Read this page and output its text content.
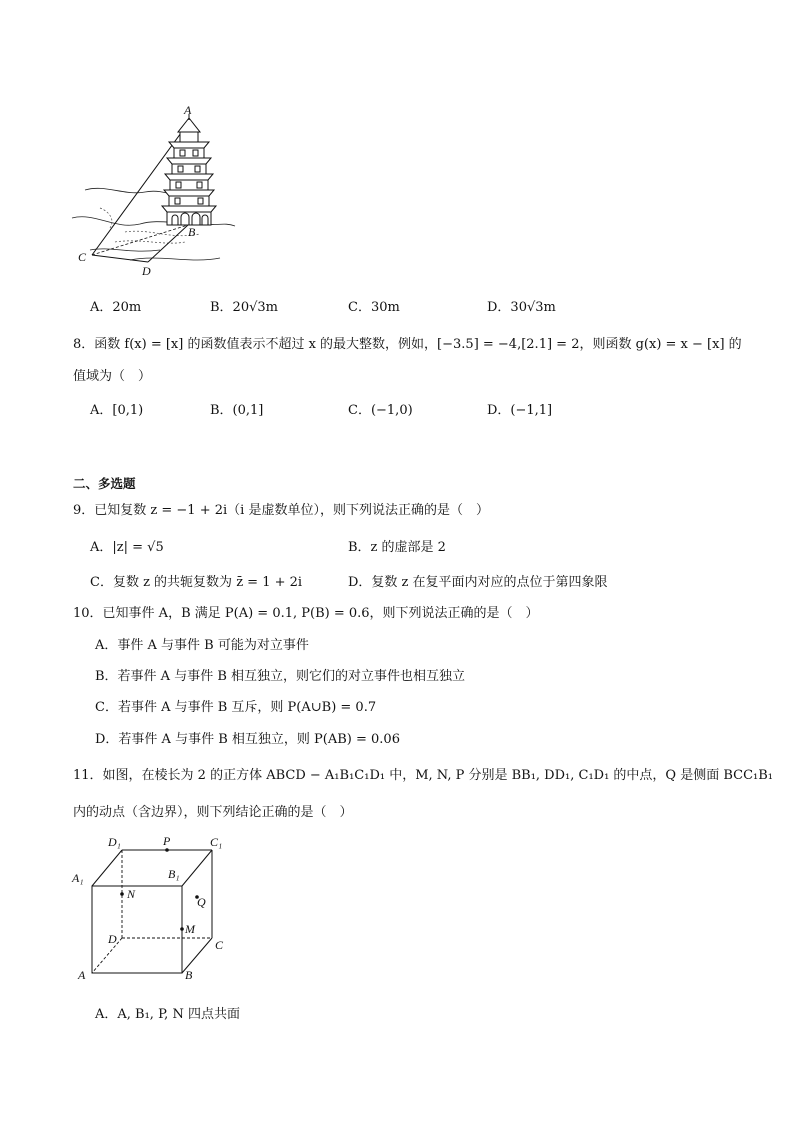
A
B
C
D
A．20m	B．20√3m	C．30m	D．30√3m
8．函数 f(x) = [x] 的函数值表示不超过 x 的最大整数，例如，[−3.5] = −4,[2.1] = 2，则函数 g(x) = x − [x] 的
值域为（　）
A．[0,1)	B．(0,1]	C．(−1,0)	D．(−1,1]
二、多选题
9．已知复数 z = −1 + 2i（i 是虚数单位），则下列说法正确的是（　）
A．|z| = √5	B．z 的虚部是 2
C．复数 z 的共轭复数为 z̄ = 1 + 2i	D．复数 z 在复平面内对应的点位于第四象限
10．已知事件 A，B 满足 P(A) = 0.1, P(B) = 0.6，则下列说法正确的是（　）
A．事件 A 与事件 B 可能为对立事件
B．若事件 A 与事件 B 相互独立，则它们的对立事件也相互独立
C．若事件 A 与事件 B 互斥，则 P(A∪B) = 0.7
D．若事件 A 与事件 B 相互独立，则 P(AB) = 0.06
11．如图，在棱长为 2 的正方体 ABCD − A₁B₁C₁D₁ 中，M, N, P 分别是 BB₁, DD₁, C₁D₁ 的中点，Q 是侧面 BCC₁B₁
内的动点（含边界），则下列结论正确的是（　）
D₁	P	C₁
A₁	B₁
N
Q
M
D	C
A	B
A．A, B₁, P, N 四点共面
